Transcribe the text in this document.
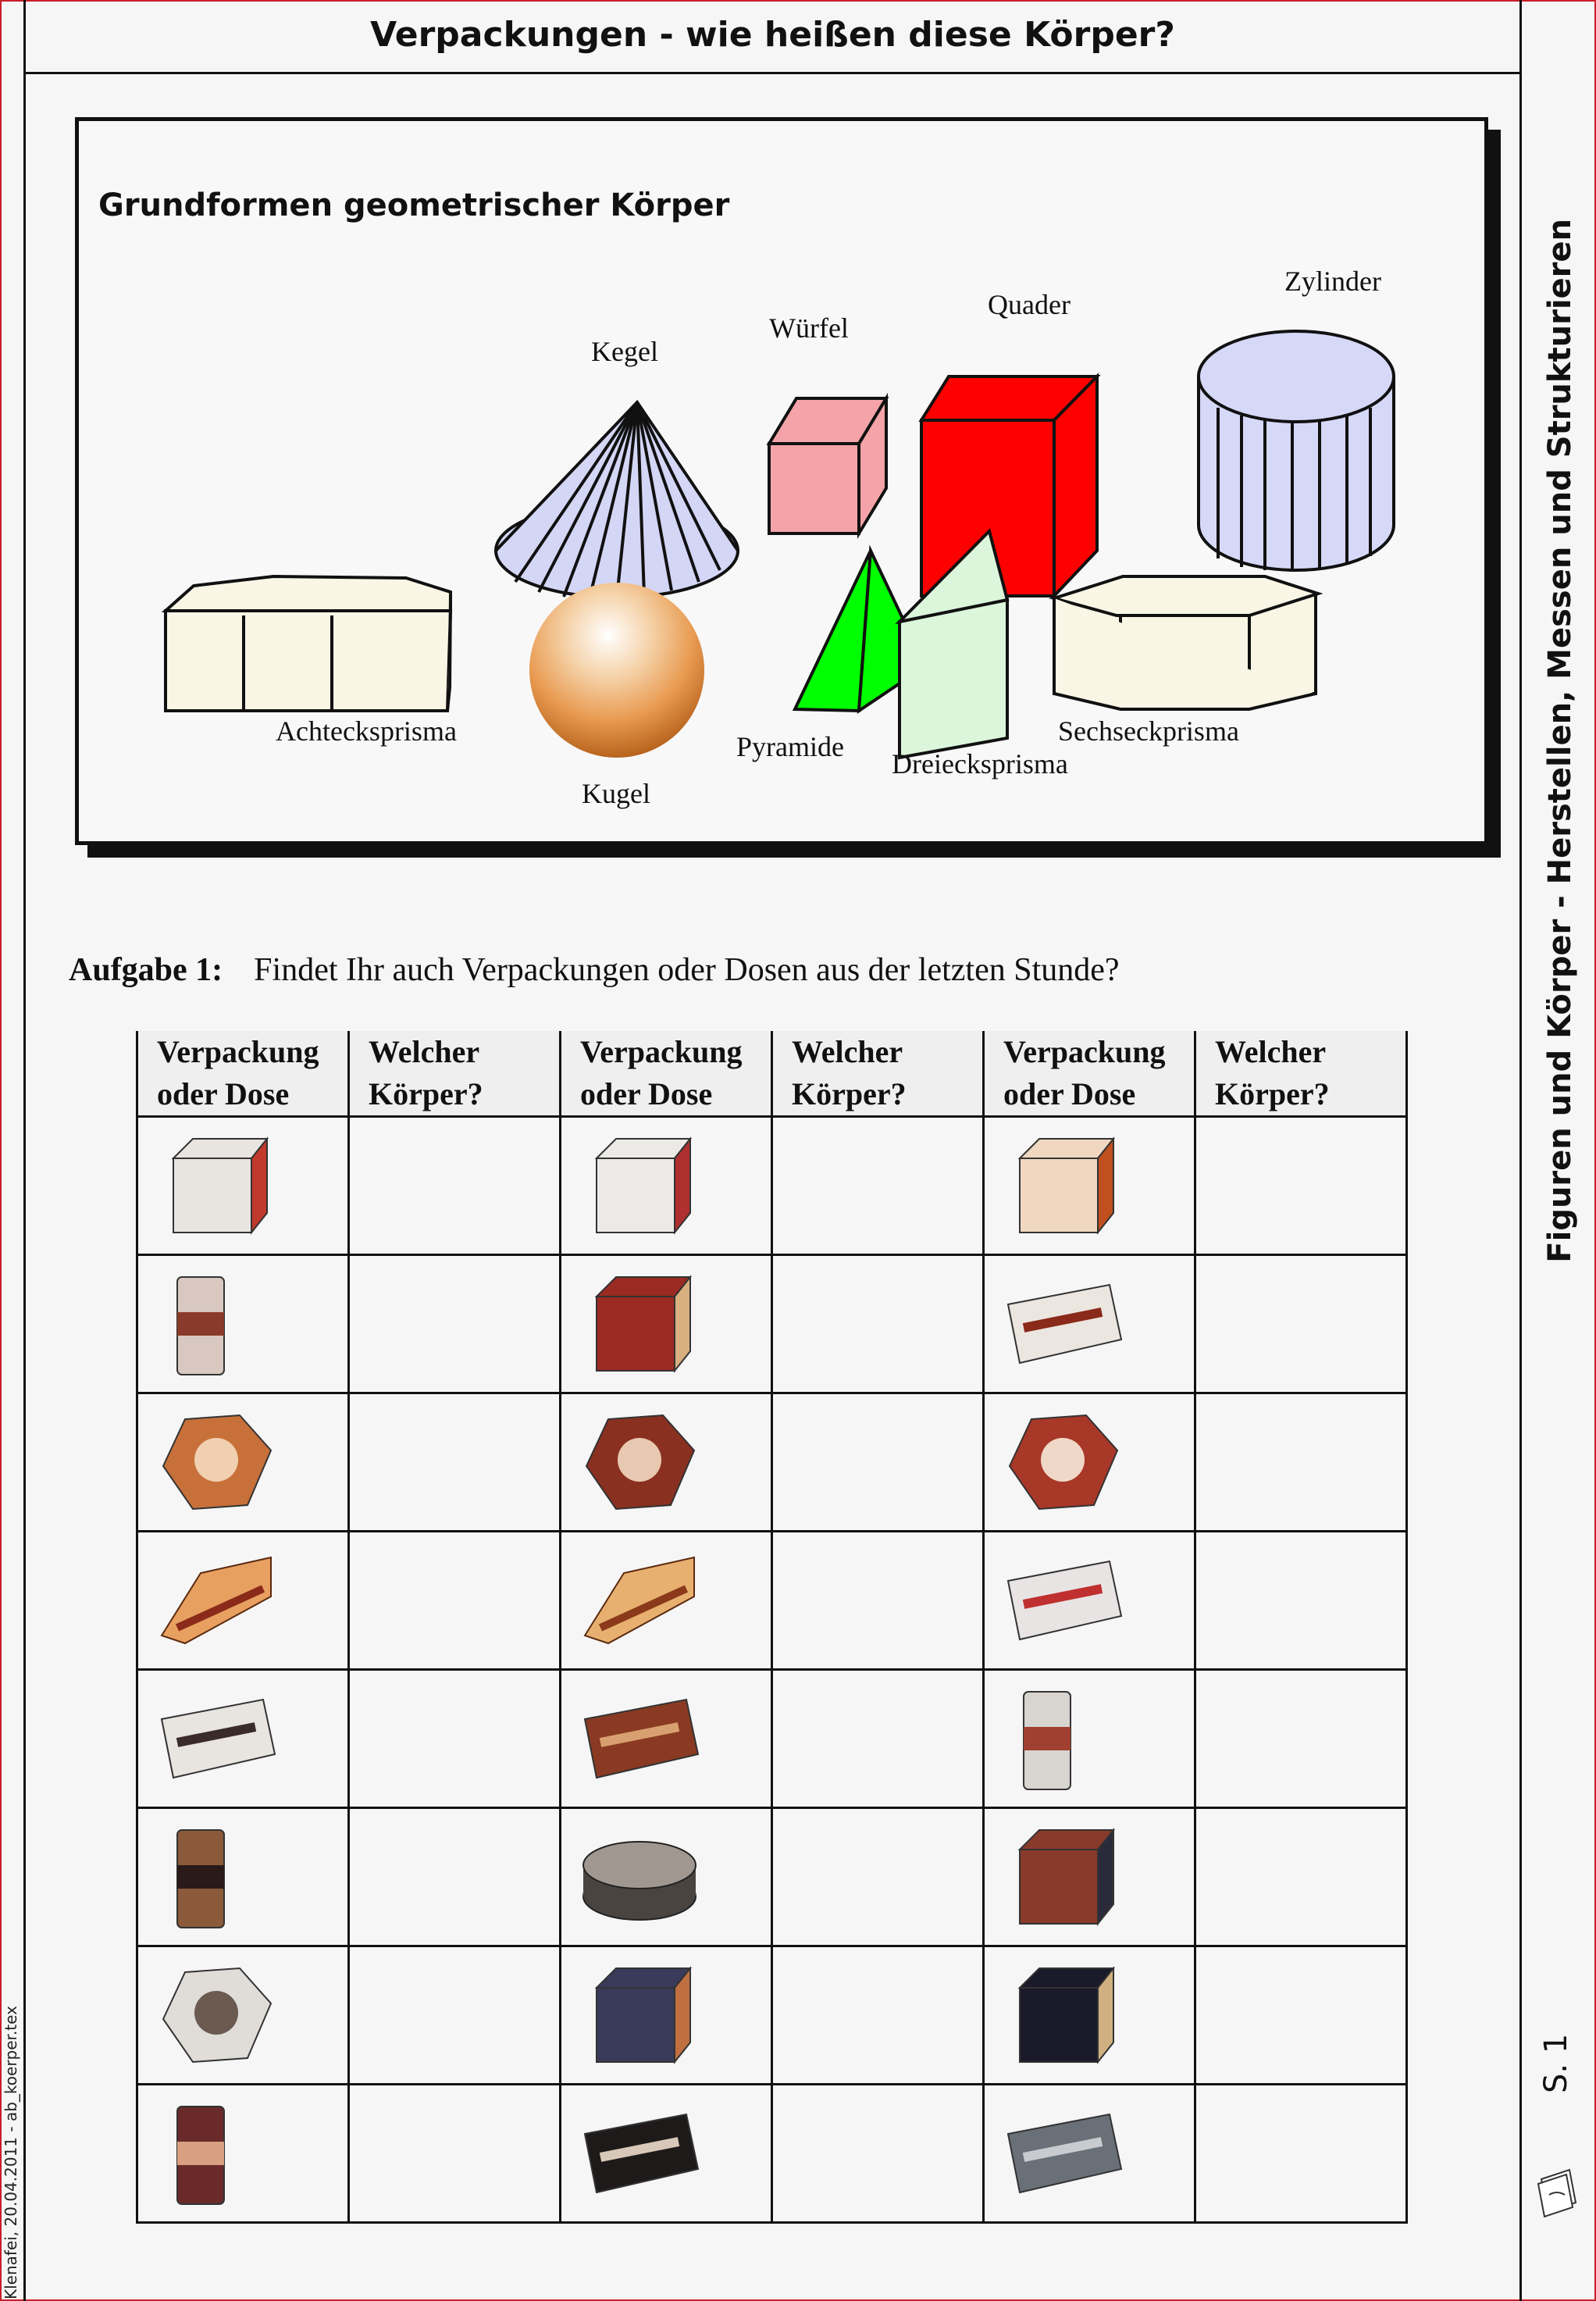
Verpackungen - wie heißen diese Körper?
Figuren und Körper - Herstellen, Messen und Strukturieren
S. 1
Klenafei, 20.04.2011 - ab_koerper.tex
Grundformen geometrischer Körper
Kegel
Würfel
Quader
Zylinder
Achtecksprisma
Kugel
Pyramide
Dreiecksprisma
Sechseckprisma
Aufgabe 1: Findet Ihr auch Verpackungen oder Dosen aus der letzten Stunde?
Verpackung oder Dose	Welcher Körper?	Verpackung oder Dose	Welcher Körper?	Verpackung oder Dose	Welcher Körper?
